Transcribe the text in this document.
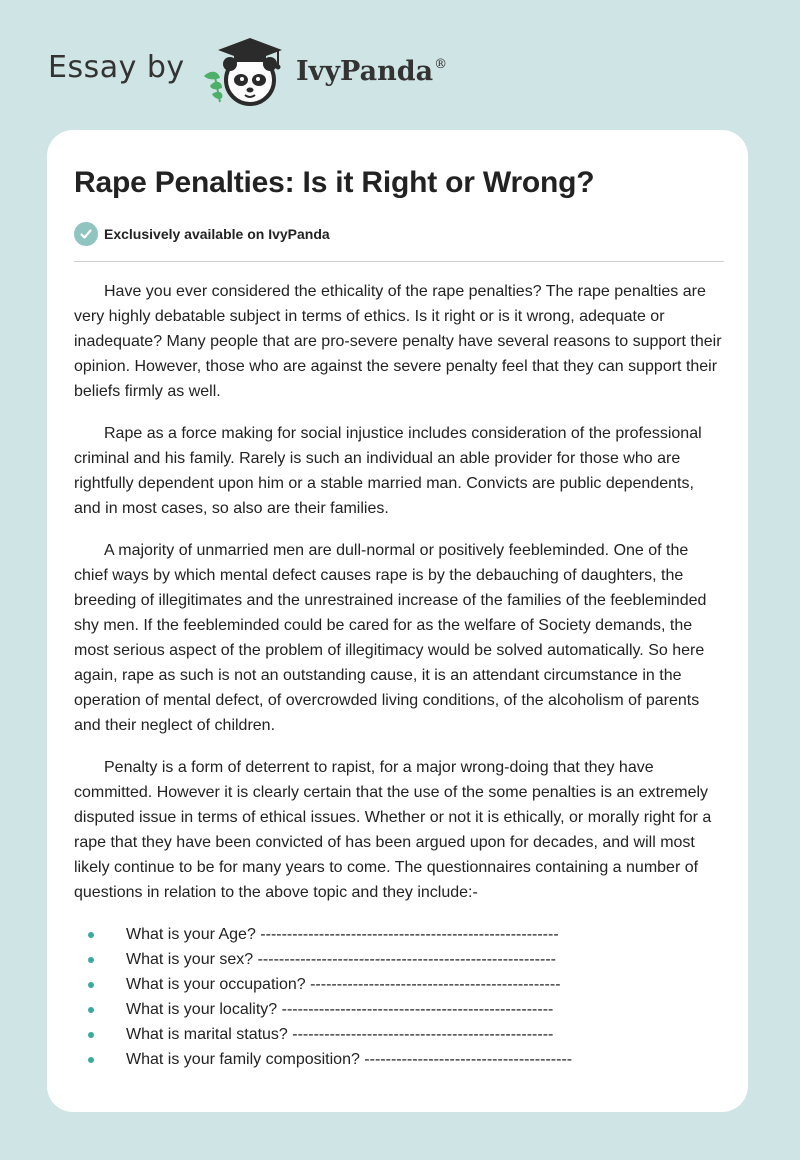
Essay by	IvyPanda®
Rape Penalties: Is it Right or Wrong?
Exclusively available on IvyPanda

Have you ever considered the ethicality of the rape penalties? The rape penalties are very highly debatable subject in terms of ethics. Is it right or is it wrong, adequate or inadequate? Many people that are pro-severe penalty have several reasons to support their opinion. However, those who are against the severe penalty feel that they can support their beliefs firmly as well.

Rape as a force making for social injustice includes consideration of the professional criminal and his family. Rarely is such an individual an able provider for those who are rightfully dependent upon him or a stable married man. Convicts are public dependents, and in most cases, so also are their families.

A majority of unmarried men are dull-normal or positively feebleminded. One of the chief ways by which mental defect causes rape is by the debauching of daughters, the breeding of illegitimates and the unrestrained increase of the families of the feebleminded shy men. If the feebleminded could be cared for as the welfare of Society demands, the most serious aspect of the problem of illegitimacy would be solved automatically. So here again, rape as such is not an outstanding cause, it is an attendant circumstance in the operation of mental defect, of overcrowded living conditions, of the alcoholism of parents and their neglect of children.

Penalty is a form of deterrent to rapist, for a major wrong-doing that they have committed. However it is clearly certain that the use of the some penalties is an extremely disputed issue in terms of ethical issues. Whether or not it is ethically, or morally right for a rape that they have been convicted of has been argued upon for decades, and will most likely continue to be for many years to come. The questionnaires containing a number of questions in relation to the above topic and they include:-

What is your Age? --------------------------------------------------------
What is your sex? --------------------------------------------------------
What is your occupation? -----------------------------------------------
What is your locality? ---------------------------------------------------
What is marital status? -------------------------------------------------
What is your family composition? ---------------------------------------
